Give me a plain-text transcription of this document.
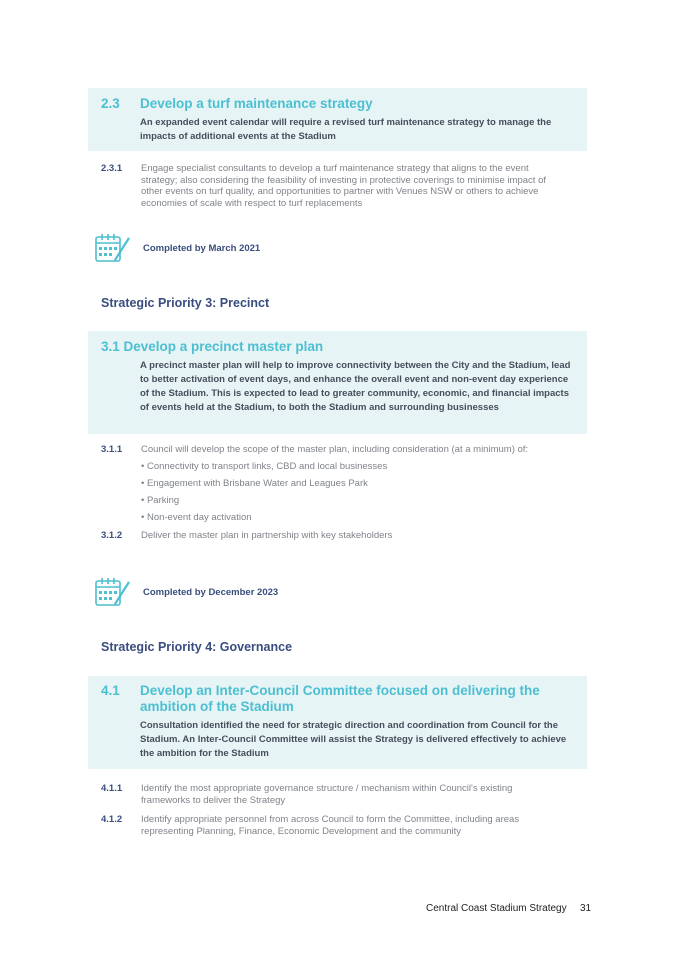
2.3 Develop a turf maintenance strategy
An expanded event calendar will require a revised turf maintenance strategy to manage the impacts of additional events at the Stadium
2.3.1 Engage specialist consultants to develop a turf maintenance strategy that aligns to the event strategy; also considering the feasibility of investing in protective coverings to minimise impact of other events on turf quality, and opportunities to partner with Venues NSW or others to achieve economies of scale with respect to turf replacements
Completed by March 2021
Strategic Priority 3: Precinct
3.1 Develop a precinct master plan
A precinct master plan will help to improve connectivity between the City and the Stadium, lead to better activation of event days, and enhance the overall event and non-event day experience of the Stadium. This is expected to lead to greater community, economic, and financial impacts of events held at the Stadium, to both the Stadium and surrounding businesses
3.1.1 Council will develop the scope of the master plan, including consideration (at a minimum) of:
• Connectivity to transport links, CBD and local businesses
• Engagement with Brisbane Water and Leagues Park
• Parking
• Non-event day activation
3.1.2 Deliver the master plan in partnership with key stakeholders
Completed by December 2023
Strategic Priority 4: Governance
4.1 Develop an Inter-Council Committee focused on delivering the ambition of the Stadium
Consultation identified the need for strategic direction and coordination from Council for the Stadium. An Inter-Council Committee will assist the Strategy is delivered effectively to achieve the ambition for the Stadium
4.1.1 Identify the most appropriate governance structure / mechanism within Council's existing frameworks to deliver the Strategy
4.1.2 Identify appropriate personnel from across Council to form the Committee, including areas representing Planning, Finance, Economic Development and the community
Central Coast Stadium Strategy 31
